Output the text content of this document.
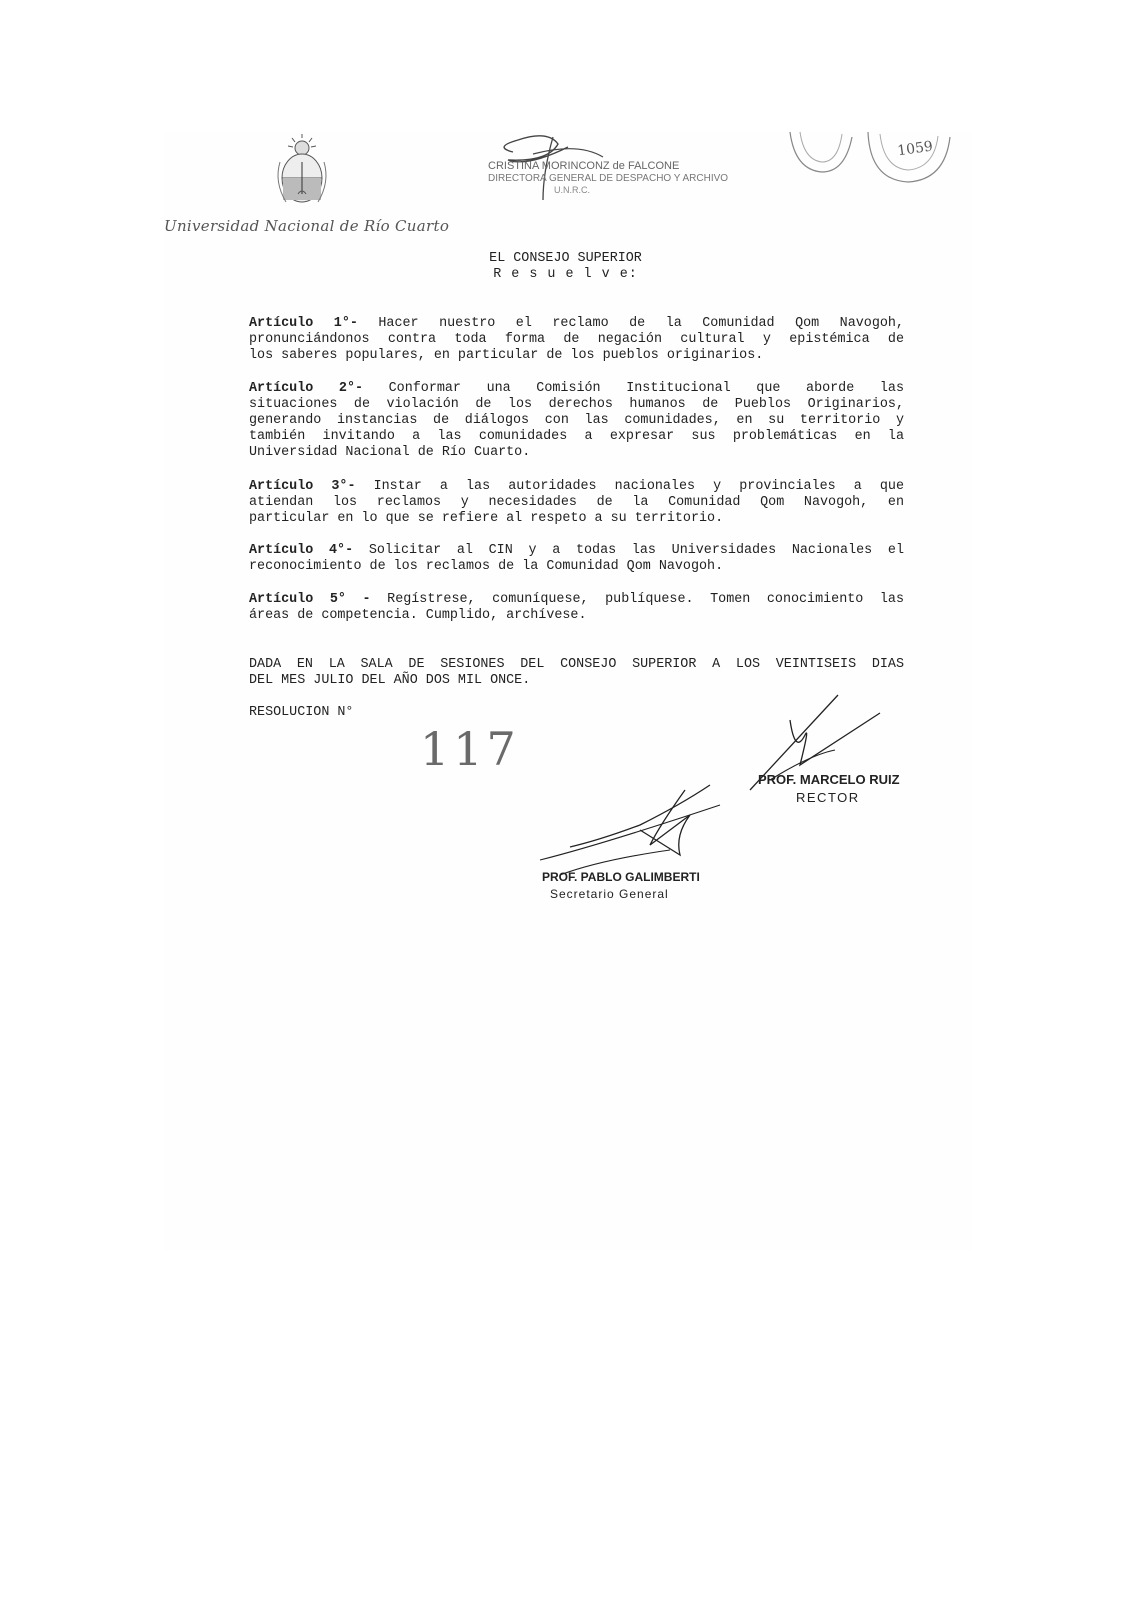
Universidad Nacional de Río Cuarto
CRISTINA MORINCONZ de FALCONE
DIRECTORA GENERAL DE DESPACHO Y ARCHIVO
U.N.R.C.
1059
EL CONSEJO SUPERIOR
R e s u e l v e:
Artículo 1°- Hacer nuestro el reclamo de la Comunidad Qom Navogoh,
pronunciándonos contra toda forma de negación cultural y epistémica de
los saberes populares, en particular de los pueblos originarios.
Artículo 2°- Conformar una Comisión Institucional que aborde las
situaciones de violación de los derechos humanos de Pueblos Originarios,
generando instancias de diálogos con las comunidades, en su territorio y
también invitando a las comunidades a expresar sus problemáticas en la
Universidad Nacional de Río Cuarto.
Artículo 3°- Instar a las autoridades nacionales y provinciales a que
atiendan los reclamos y necesidades de la Comunidad Qom Navogoh, en
particular en lo que se refiere al respeto a su territorio.
Artículo 4°- Solicitar al CIN y a todas las Universidades Nacionales el
reconocimiento de los reclamos de la Comunidad Qom Navogoh.
Artículo 5° - Regístrese, comuníquese, publíquese. Tomen conocimiento las
áreas de competencia. Cumplido, archívese.
DADA EN LA SALA DE SESIONES DEL CONSEJO SUPERIOR A LOS VEINTISEIS DIAS
DEL MES JULIO DEL AÑO DOS MIL ONCE.
RESOLUCION N°
117
PROF. MARCELO RUIZ
RECTOR
PROF. PABLO GALIMBERTI
Secretario General
